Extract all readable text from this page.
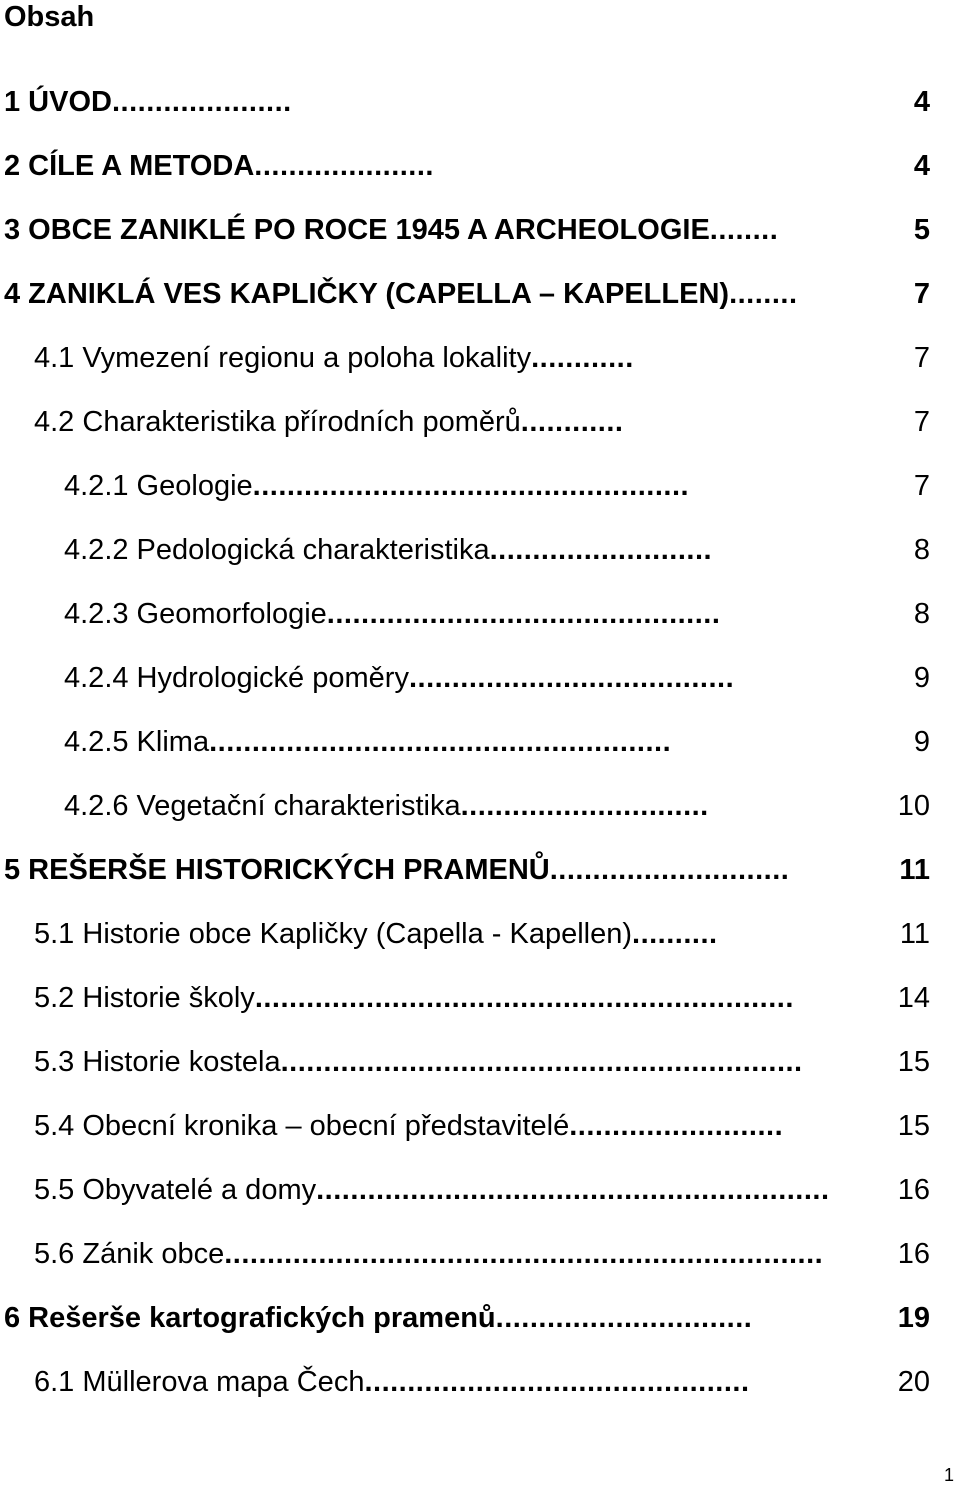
Obsah
1 ÚVOD.....................	4
2 CÍLE A METODA.....................	4
3 OBCE ZANIKLÉ PO ROCE 1945 A ARCHEOLOGIE........	5
4 ZANIKLÁ VES KAPLIČKY (CAPELLA – KAPELLEN)........	7
4.1 Vymezení regionu a poloha lokality............	7
4.2 Charakteristika přírodních poměrů............	7
4.2.1 Geologie...................................................	7
4.2.2 Pedologická charakteristika..........................	8
4.2.3 Geomorfologie..............................................	8
4.2.4 Hydrologické poměry......................................	9
4.2.5 Klima......................................................	9
4.2.6 Vegetační charakteristika.............................	10
5 REŠERŠE HISTORICKÝCH PRAMENŮ............................	11
5.1 Historie obce Kapličky (Capella - Kapellen)..........	11
5.2 Historie školy...............................................................	14
5.3 Historie kostela.............................................................	15
5.4 Obecní kronika – obecní představitelé.........................	15
5.5 Obyvatelé a domy............................................................ 16
5.6 Zánik obce......................................................................	16
6 Rešerše kartografických pramenů..............................	19
6.1 Müllerova mapa Čech.............................................	20
1
